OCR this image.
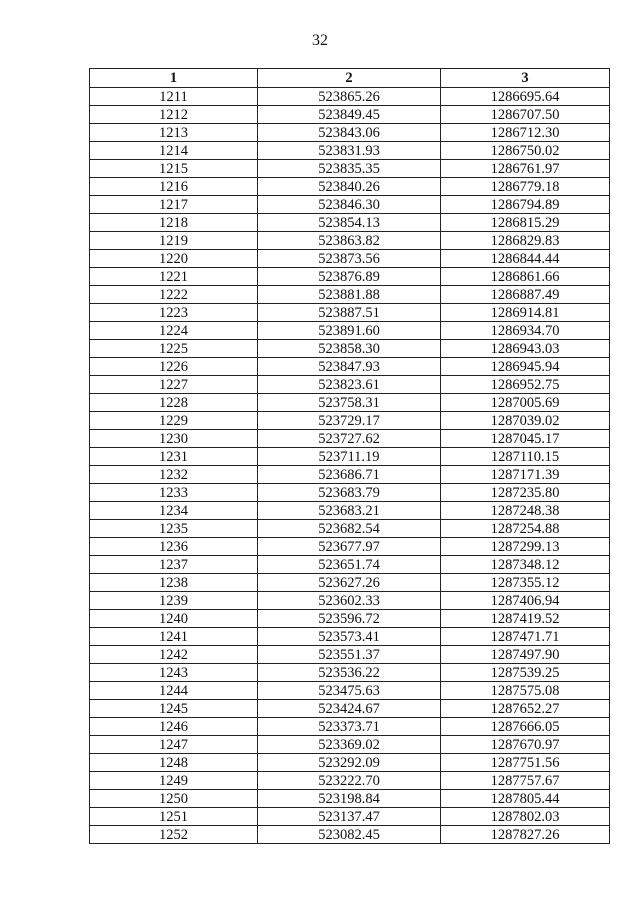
32
1	2	3
1211	523865.26	1286695.64
1212	523849.45	1286707.50
1213	523843.06	1286712.30
1214	523831.93	1286750.02
1215	523835.35	1286761.97
1216	523840.26	1286779.18
1217	523846.30	1286794.89
1218	523854.13	1286815.29
1219	523863.82	1286829.83
1220	523873.56	1286844.44
1221	523876.89	1286861.66
1222	523881.88	1286887.49
1223	523887.51	1286914.81
1224	523891.60	1286934.70
1225	523858.30	1286943.03
1226	523847.93	1286945.94
1227	523823.61	1286952.75
1228	523758.31	1287005.69
1229	523729.17	1287039.02
1230	523727.62	1287045.17
1231	523711.19	1287110.15
1232	523686.71	1287171.39
1233	523683.79	1287235.80
1234	523683.21	1287248.38
1235	523682.54	1287254.88
1236	523677.97	1287299.13
1237	523651.74	1287348.12
1238	523627.26	1287355.12
1239	523602.33	1287406.94
1240	523596.72	1287419.52
1241	523573.41	1287471.71
1242	523551.37	1287497.90
1243	523536.22	1287539.25
1244	523475.63	1287575.08
1245	523424.67	1287652.27
1246	523373.71	1287666.05
1247	523369.02	1287670.97
1248	523292.09	1287751.56
1249	523222.70	1287757.67
1250	523198.84	1287805.44
1251	523137.47	1287802.03
1252	523082.45	1287827.26
